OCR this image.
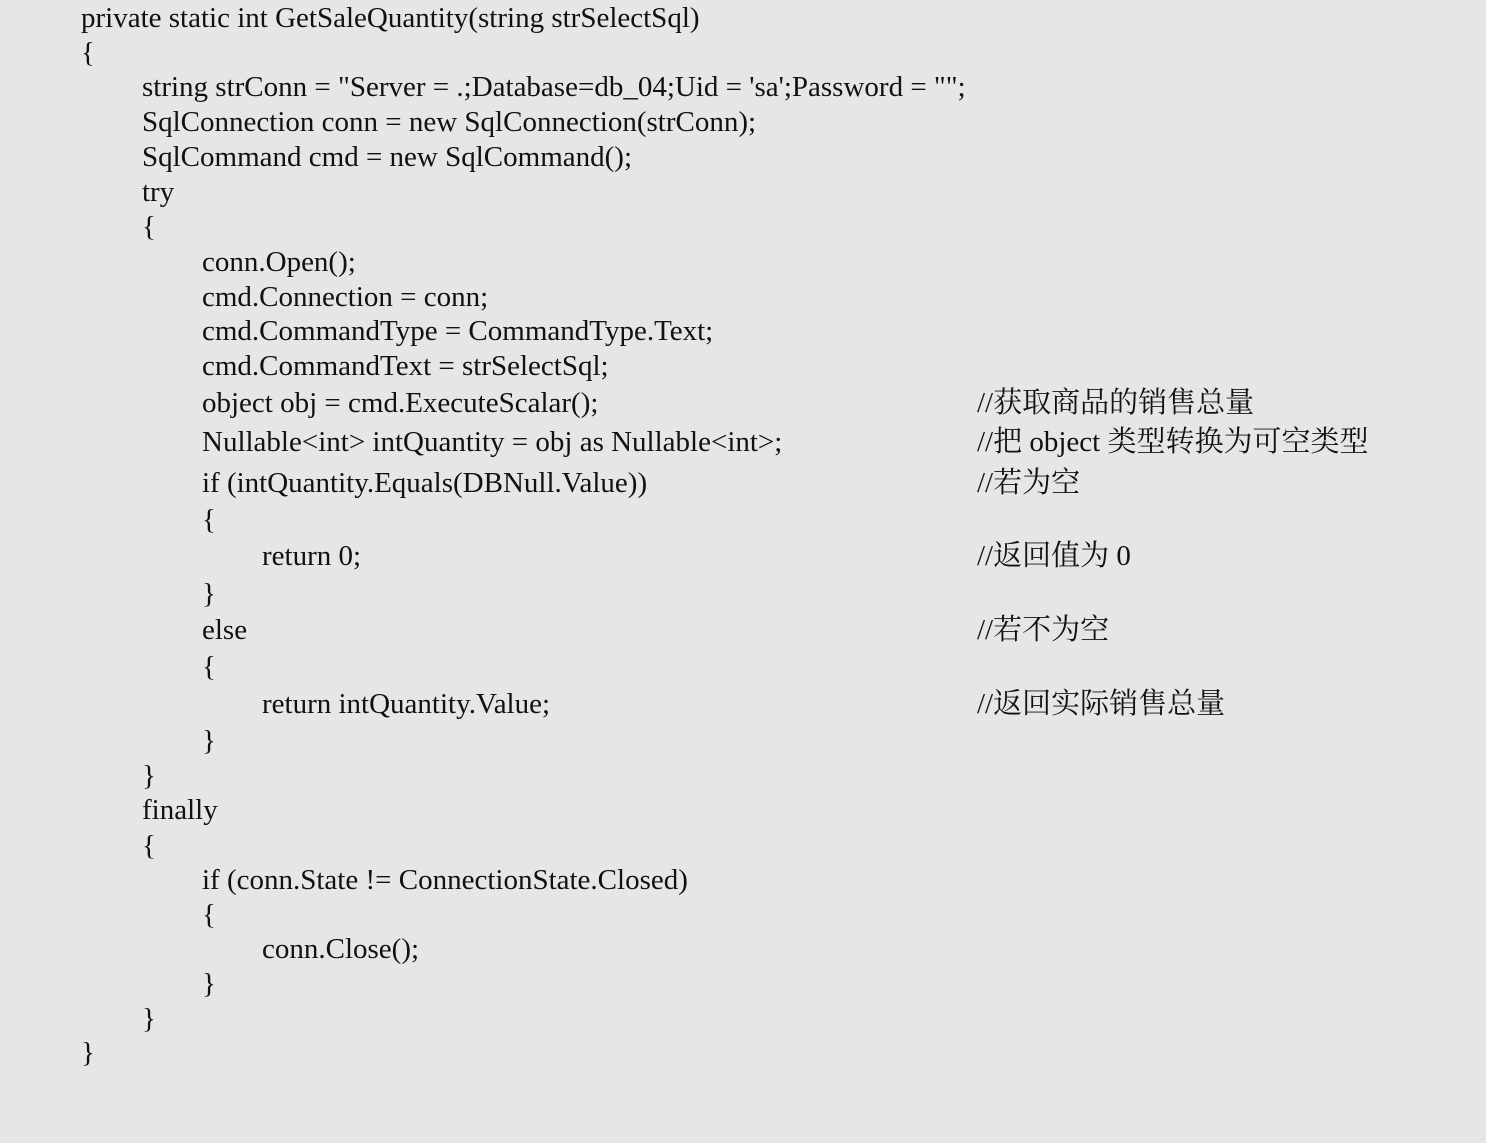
private static int GetSaleQuantity(string strSelectSql)

{

string strConn = "Server = .;Database=db_04;Uid = 'sa';Password = "";

SqlConnection conn = new SqlConnection(strConn);

SqlCommand cmd = new SqlCommand();

try

{

conn.Open();

cmd.Connection = conn;

cmd.CommandType = CommandType.Text;

cmd.CommandText = strSelectSql;

object obj = cmd.ExecuteScalar();

	//获取商品的销售总量

Nullable<int> intQuantity = obj as Nullable<int>;

	//把 object 类型转换为可空类型

if (intQuantity.Equals(DBNull.Value))

	//若为空

{

return 0;

	//返回值为 0

}

else

	//若不为空

{

return intQuantity.Value;

	//返回实际销售总量

}

}

finally

{

if (conn.State != ConnectionState.Closed)

{

conn.Close();

}

}

}
